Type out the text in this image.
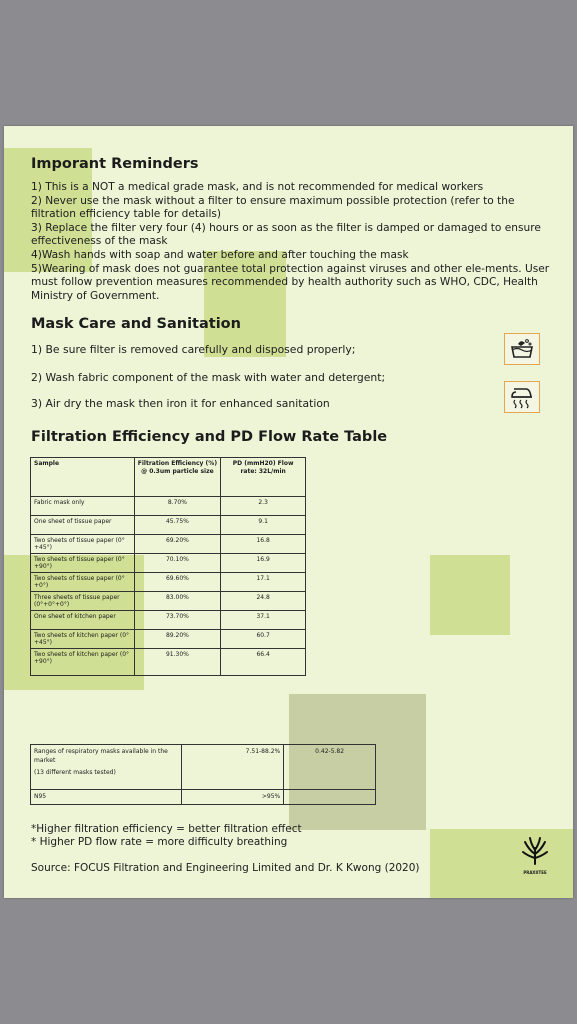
Imporant Reminders
1) This is a NOT a medical grade mask, and is not recommended for medical workers
2) Never use the mask without a filter to ensure maximum possible protection (refer to the filtration efficiency table for details)
3) Replace the filter very four (4) hours or as soon as the filter is damped or damaged to ensure effectiveness of the mask
4)Wash hands with soap and water before and after touching the mask
5)Wearing of mask does not guarantee total protection against viruses and other ele-ments. User must follow prevention measures recommended by health authority such as WHO, CDC, Health Ministry of Government.
Mask Care and Sanitation
1) Be sure filter is removed carefully and disposed properly;
2) Wash fabric component of the mask with water and detergent;
3) Air dry the mask then iron it for enhanced sanitation
Filtration Efficiency and PD Flow Rate Table
Sample	Filtration Efficiency (%) @ 0.3um particle size	PD (mmH20) Flow rate: 32L/min
Fabric mask only	8.70%	2.3
One sheet of tissue paper	45.75%	9.1
Two sheets of tissue paper (0°+45°)	69.20%	16.8
Two sheets of tissue paper (0°+90°)	70.10%	16.9
Two sheets of tissue paper (0°+0°)	69.60%	17.1
Three sheets of tissue paper (0°+0°+0°)	83.00%	24.8
One sheet of kitchen paper	73.70%	37.1
Two sheets of kitchen paper (0°+45°)	89.20%	60.7
Two sheets of kitchen paper (0°+90°)	91.30%	66.4
Ranges of respiratory masks available in the market
(13 different masks tested)	7.51-88.2%	0.42-5.82
N95	>95%	
*Higher filtration efficiency = better filtration effect
* Higher PD flow rate = more difficulty breathing
Source: FOCUS Filtration and Engineering Limited and Dr. K Kwong (2020)	PRAXIITEE
